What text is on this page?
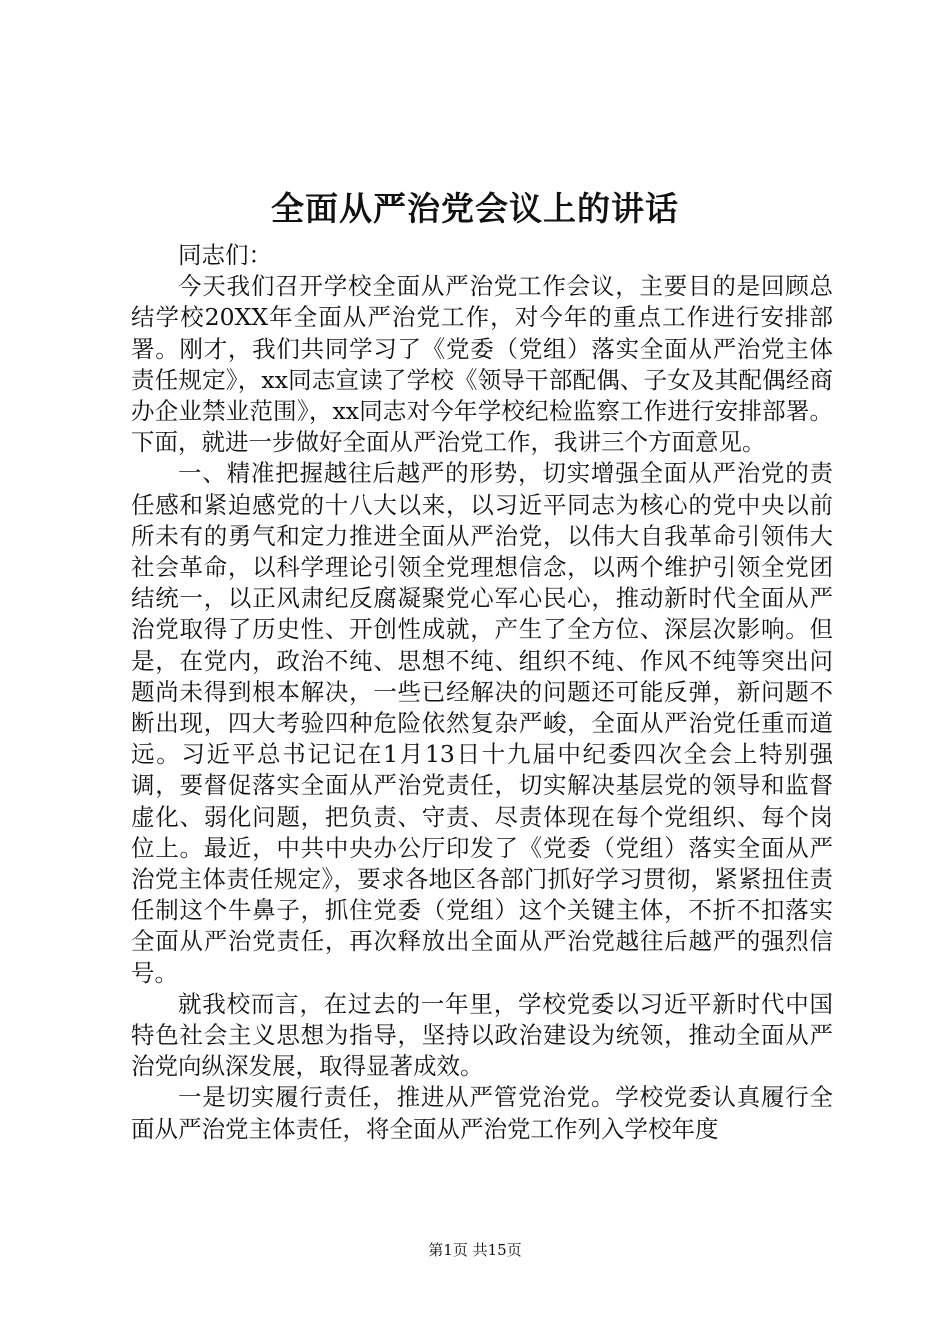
全面从严治党会议上的讲话

同志们：

今天我们召开学校全面从严治党工作会议，主要目的是回顾总结学校20XX年全面从严治党工作，对今年的重点工作进行安排部署。刚才，我们共同学习了《党委（党组）落实全面从严治党主体责任规定》，xx同志宣读了学校《领导干部配偶、子女及其配偶经商办企业禁业范围》，xx同志对今年学校纪检监察工作进行安排部署。下面，就进一步做好全面从严治党工作，我讲三个方面意见。

一、精准把握越往后越严的形势，切实增强全面从严治党的责任感和紧迫感党的十八大以来，以习近平同志为核心的党中央以前所未有的勇气和定力推进全面从严治党，以伟大自我革命引领伟大社会革命，以科学理论引领全党理想信念，以两个维护引领全党团结统一，以正风肃纪反腐凝聚党心军心民心，推动新时代全面从严治党取得了历史性、开创性成就，产生了全方位、深层次影响。但是，在党内，政治不纯、思想不纯、组织不纯、作风不纯等突出问题尚未得到根本解决，一些已经解决的问题还可能反弹，新问题不断出现，四大考验四种危险依然复杂严峻，全面从严治党任重而道远。习近平总书记记在1月13日十九届中纪委四次全会上特别强调，要督促落实全面从严治党责任，切实解决基层党的领导和监督虚化、弱化问题，把负责、守责、尽责体现在每个党组织、每个岗位上。最近，中共中央办公厅印发了《党委（党组）落实全面从严治党主体责任规定》，要求各地区各部门抓好学习贯彻，紧紧扭住责任制这个牛鼻子，抓住党委（党组）这个关键主体，不折不扣落实全面从严治党责任，再次释放出全面从严治党越往后越严的强烈信号。

就我校而言，在过去的一年里，学校党委以习近平新时代中国特色社会主义思想为指导，坚持以政治建设为统领，推动全面从严治党向纵深发展，取得显著成效。

一是切实履行责任，推进从严管党治党。学校党委认真履行全面从严治党主体责任，将全面从严治党工作列入学校年度

第1页 共15页
